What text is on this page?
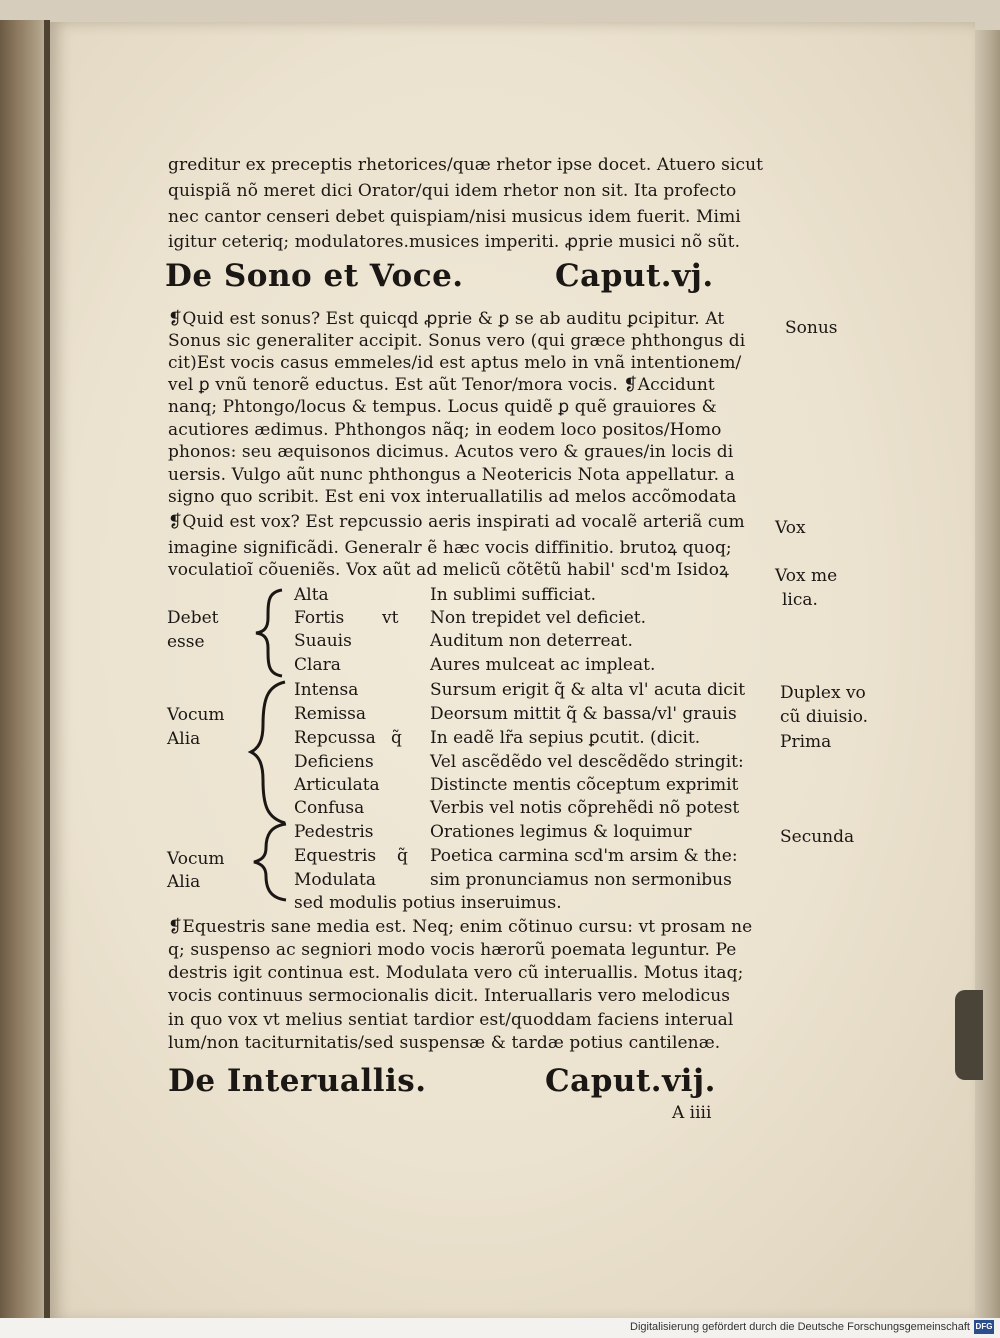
greditur ex preceptis rhetorices/quæ rhetor ipse docet. Atuero sicut
quispiã nõ meret dici Orator/qui idem rhetor non sit. Ita profecto
nec cantor censeri debet quispiam/nisi musicus idem fuerit. Mimi
igitur ceteriq; modulatores.musices imperiti. ꝓprie musici nõ sũt.
De Sono et Voce.	Caput.vj.
❡Quid est sonus? Est quicqd ꝓprie & ꝑ se ab auditu ꝑcipitur. At
Sonus sic generaliter accipit. Sonus vero (qui græce phthongus di
cit)Est vocis casus emmeles/id est aptus melo in vnã intentionem/
vel ꝑ vnũ tenorẽ eductus. Est aũt Tenor/mora vocis. ❡Accidunt
nanq; Phtongo/locus & tempus. Locus quidẽ ꝑ quẽ grauiores &
acutiores ædimus. Phthongos nãq; in eodem loco positos/Homo
phonos: seu æquisonos dicimus. Acutos vero & graues/in locis di
uersis. Vulgo aũt nunc phthongus a Neotericis Nota appellatur. a
signo quo scribit. Est eni vox interuallatilis ad melos accõmodata
❡Quid est vox? Est repcussio aeris inspirati ad vocalẽ arteriã cum
imagine significãdi. Generalr ẽ hæc vocis diffinitio. brutoꝝ quoq;
voculatioĩ cõueniẽs. Vox aũt ad melicũ cõtẽtũ habil' scd'm Isidoꝝ
Sonus
Vox
Vox me
lica.
Duplex vo
cũ diuisio.
Prima
Secunda
Debet
esse
Alta
Fortis vt
Suauis
Clara
In sublimi sufficiat.
Non trepidet vel deficiet.
Auditum non deterreat.
Aures mulceat ac impleat.
Vocum
Alia
Intensa
Remissa
Repcussa q̃
Deficiens
Articulata
Confusa
Sursum erigit q̃ & alta vl' acuta dicit
Deorsum mittit q̃ & bassa/vl' grauis
In eadẽ lr̃a sepius ꝑcutit. (dicit.
Vel ascẽdẽdo vel descẽdẽdo stringit:
Distincte mentis cõceptum exprimit
Verbis vel notis cõprehẽdi nõ potest
Vocum
Alia
Pedestris
Equestris q̃
Modulata
Orationes legimus & loquimur
Poetica carmina scd'm arsim & the:
sim pronunciamus non sermonibus
sed modulis potius inseruimus.
❡Equestris sane media est. Neq; enim cõtinuo cursu: vt prosam ne
q; suspenso ac segniori modo vocis hærorũ poemata leguntur. Pe
destris igit continua est. Modulata vero cũ interuallis. Motus itaq;
vocis continuus sermocionalis dicit. Interuallaris vero melodicus
in quo vox vt melius sentiat tardior est/quoddam faciens interual
lum/non taciturnitatis/sed suspensæ & tardæ potius cantilenæ.
De Interuallis.	Caput.vij.
A iiii
Digitalisierung gefördert durch die Deutsche Forschungsgemeinschaft DFG
